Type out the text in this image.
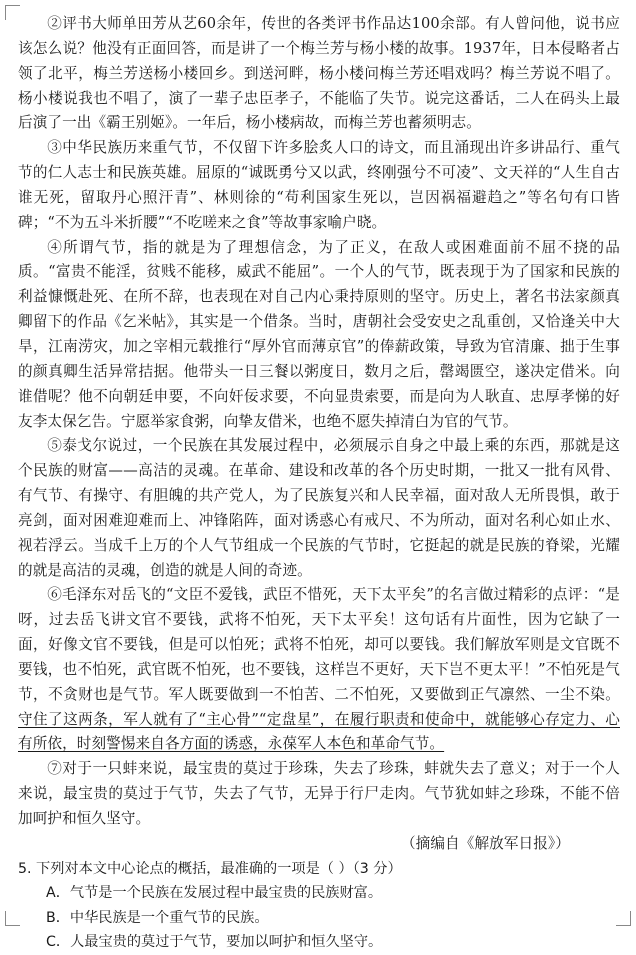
②评书大师单田芳从艺60余年，传世的各类评书作品达100余部。有人曾问他，说书应该怎么说？他没有正面回答，而是讲了一个梅兰芳与杨小楼的故事。1937年，日本侵略者占领了北平，梅兰芳送杨小楼回乡。到送河畔，杨小楼问梅兰芳还唱戏吗？梅兰芳说不唱了。杨小楼说我也不唱了，演了一辈子忠臣孝子，不能临了失节。说完这番话，二人在码头上最后演了一出《霸王别姬》。一年后，杨小楼病故，而梅兰芳也蓄须明志。

③中华民族历来重气节，不仅留下许多脍炙人口的诗文，而且涌现出许多讲品行、重气节的仁人志士和民族英雄。屈原的“诚既勇兮又以武，终刚强兮不可凌”、文天祥的“人生自古谁无死，留取丹心照汗青”、林则徐的“苟利国家生死以，岂因祸福避趋之”等名句有口皆碑；“不为五斗米折腰”“不吃嗟来之食”等故事家喻户晓。

④所谓气节，指的就是为了理想信念，为了正义，在敌人或困难面前不屈不挠的品质。“富贵不能淫，贫贱不能移，威武不能屈”。一个人的气节，既表现于为了国家和民族的利益慷慨赴死、在所不辞，也表现在对自己内心秉持原则的坚守。历史上，著名书法家颜真卿留下的作品《乞米帖》，其实是一个借条。当时，唐朝社会受安史之乱重创，又恰逢关中大旱，江南涝灾，加之宰相元载推行“厚外官而薄京官”的俸薪政策，导致为官清廉、拙于生事的颜真卿生活异常拮据。他带头一日三餐以粥度日，数月之后，罄竭匮空，遂决定借米。向谁借呢？他不向朝廷申要，不向奸佞求要，不向显贵索要，而是向为人耿直、忠厚孝悌的好友李太保乞告。宁愿举家食粥，向挚友借米，也绝不愿失掉清白为官的气节。

⑤泰戈尔说过，一个民族在其发展过程中，必须展示自身之中最上乘的东西，那就是这个民族的财富——高洁的灵魂。在革命、建设和改革的各个历史时期，一批又一批有风骨、有气节、有操守、有胆魄的共产党人，为了民族复兴和人民幸福，面对敌人无所畏惧，敢于亮剑，面对困难迎难而上、冲锋陷阵，面对诱惑心有戒尺、不为所动，面对名利心如止水、视若浮云。当成千上万的个人气节组成一个民族的气节时，它挺起的就是民族的脊梁，光耀的就是高洁的灵魂，创造的就是人间的奇迹。

⑥毛泽东对岳飞的“文臣不爱钱，武臣不惜死，天下太平矣”的名言做过精彩的点评：“是呀，过去岳飞讲文官不要钱，武将不怕死，天下太平矣！这句话有片面性，因为它缺了一面，好像文官不要钱，但是可以怕死；武将不怕死，却可以要钱。我们解放军则是文官既不要钱，也不怕死，武官既不怕死，也不要钱，这样岂不更好，天下岂不更太平！”不怕死是气节，不贪财也是气节。军人既要做到一不怕苦、二不怕死，又要做到正气凛然、一尘不染。守住了这两条，军人就有了“主心骨”“定盘星”，在履行职责和使命中，就能够心存定力、心有所依，时刻警惕来自各方面的诱惑，永葆军人本色和革命气节。

⑦对于一只蚌来说，最宝贵的莫过于珍珠，失去了珍珠，蚌就失去了意义；对于一个人来说，最宝贵的莫过于气节，失去了气节，无异于行尸走肉。气节犹如蚌之珍珠，不能不倍加呵护和恒久坚守。

（摘编自《解放军日报》）

5. 下列对本文中心论点的概括，最准确的一项是（ ）（3 分）

A．气节是一个民族在发展过程中最宝贵的民族财富。

B．中华民族是一个重气节的民族。

C．人最宝贵的莫过于气节，要加以呵护和恒久坚守。
